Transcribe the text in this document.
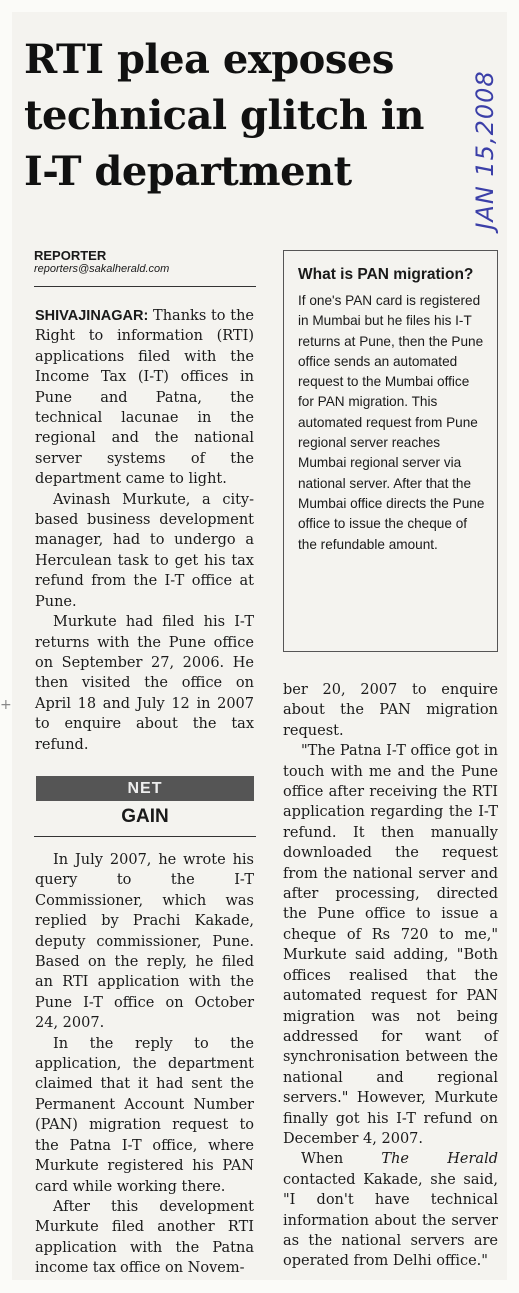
RTI plea exposes technical glitch in I-T department	JAN 15,2008
REPORTER
reporters@sakalherald.com

SHIVAJINAGAR: Thanks to the Right to information (RTI) applications filed with the Income Tax (I-T) offices in Pune and Patna, the technical lacunae in the regional and the national server systems of the department came to light.

Avinash Murkute, a city-based business development manager, had to undergo a Herculean task to get his tax refund from the I-T office at Pune.

Murkute had filed his I-T returns with the Pune office on September 27, 2006. He then visited the office on April 18 and July 12 in 2007 to enquire about the tax refund.

+
NET
GAIN

In July 2007, he wrote his query to the I-T Commissioner, which was replied by Prachi Kakade, deputy commissioner, Pune. Based on the reply, he filed an RTI application with the Pune I-T office on October 24, 2007.

In the reply to the application, the department claimed that it had sent the Permanent Account Number (PAN) migration request to the Patna I-T office, where Murkute registered his PAN card while working there.

After this development Murkute filed another RTI application with the Patna income tax office on Novem-

What is PAN migration?
If one's PAN card is registered in Mumbai but he files his I-T returns at Pune, then the Pune office sends an automated request to the Mumbai office for PAN migration. This automated request from Pune regional server reaches Mumbai regional server via national server. After that the Mumbai office directs the Pune office to issue the cheque of the refundable amount.

ber 20, 2007 to enquire about the PAN migration request.

"The Patna I-T office got in touch with me and the Pune office after receiving the RTI application regarding the I-T refund. It then manually downloaded the request from the national server and after processing, directed the Pune office to issue a cheque of Rs 720 to me," Murkute said adding, "Both offices realised that the automated request for PAN migration was not being addressed for want of synchronisation between the national and regional servers." However, Murkute finally got his I-T refund on December 4, 2007.

When The Herald contacted Kakade, she said, "I don't have technical information about the server as the national servers are operated from Delhi office."
